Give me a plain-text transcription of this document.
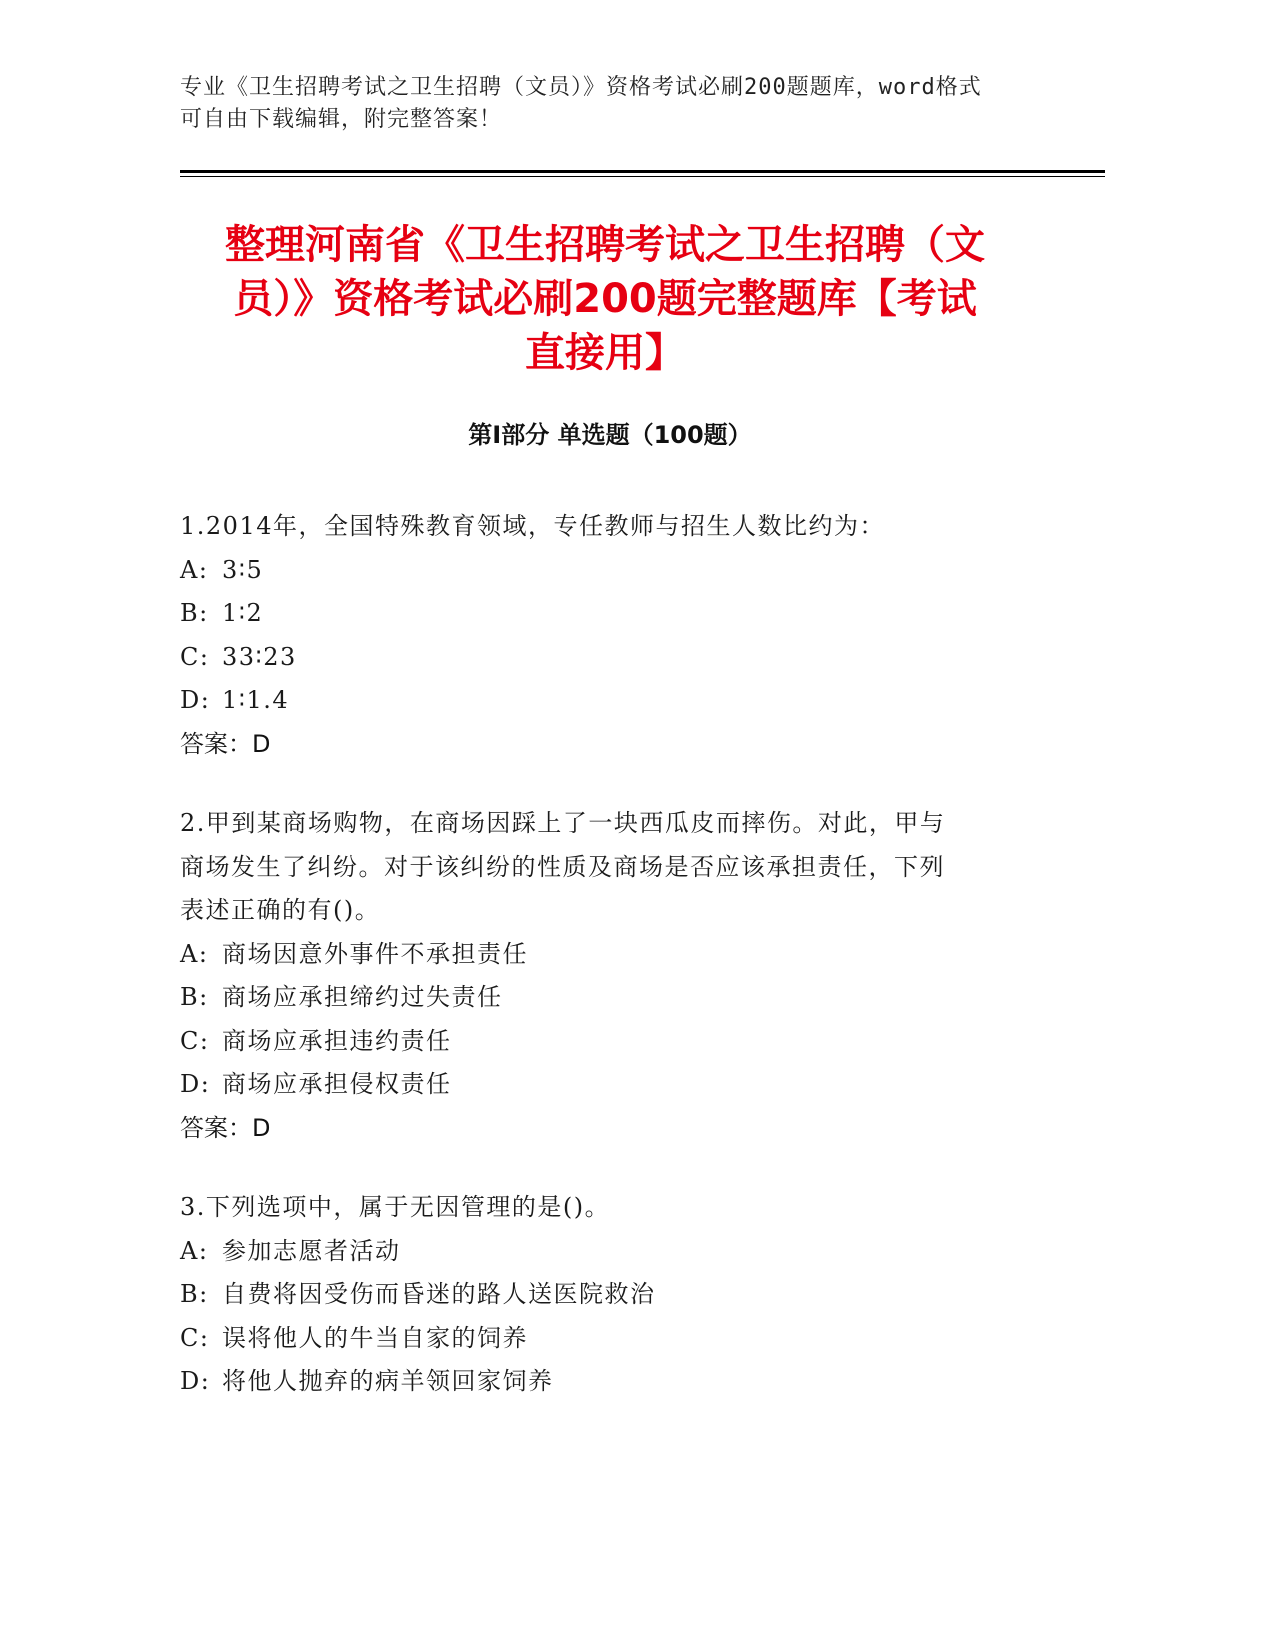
专业《卫生招聘考试之卫生招聘（文员）》资格考试必刷200题题库，word格式
可自由下载编辑，附完整答案！
整理河南省《卫生招聘考试之卫生招聘（文
员）》资格考试必刷200题完整题库【考试
直接用】
第Ⅰ部分 单选题（100题）
1.2014年，全国特殊教育领域，专任教师与招生人数比约为：
A: 3∶5
B: 1∶2
C: 33∶23
D: 1∶1.4
答案：D
2.甲到某商场购物，在商场因踩上了一块西瓜皮而摔伤。对此，甲与
商场发生了纠纷。对于该纠纷的性质及商场是否应该承担责任，下列
表述正确的有()。
A: 商场因意外事件不承担责任
B: 商场应承担缔约过失责任
C: 商场应承担违约责任
D: 商场应承担侵权责任
答案：D
3.下列选项中，属于无因管理的是()。
A: 参加志愿者活动
B: 自费将因受伤而昏迷的路人送医院救治
C: 误将他人的牛当自家的饲养
D: 将他人抛弃的病羊领回家饲养
